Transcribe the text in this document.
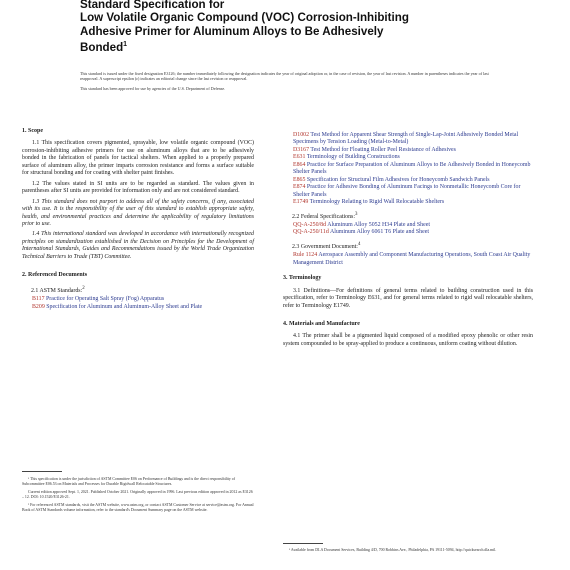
Standard Specification for
Low Volatile Organic Compound (VOC) Corrosion-Inhibiting
Adhesive Primer for Aluminum Alloys to Be Adhesively
Bonded$^1$

This standard is issued under the fixed designation E3126; the number immediately following the designation indicates the year of original adoption or, in the case of revision, the year of last revision. A number in parentheses indicates the year of last reapproval. A superscript epsilon (ε) indicates an editorial change since the last revision or reapproval.

This standard has been approved for use by agencies of the U.S. Department of Defense.

1. Scope

1.1 This specification covers pigmented, sprayable, low volatile organic compound (VOC) corrosion-inhibiting adhesive primers for use on aluminum alloys that are to be adhesively bonded in the fabrication of panels for tactical shelters. When applied to a properly prepared surface of aluminum alloy, the primer imparts corrosion resistance and forms a surface suitable for structural bonding and for coating with shelter paint finishes.

1.2 The values stated in SI units are to be regarded as standard. The values given in parentheses after SI units are provided for information only and are not considered standard.

1.3 This standard does not purport to address all of the safety concerns, if any, associated with its use. It is the responsibility of the user of this standard to establish appropriate safety, health, and environmental practices and determine the applicability of regulatory limitations prior to use.

1.4 This international standard was developed in accordance with internationally recognized principles on standardization established in the Decision on Principles for the Development of International Standards, Guides and Recommendations issued by the World Trade Organization Technical Barriers to Trade (TBT) Committee.

2. Referenced Documents
2.1 ASTM Standards:$^2$
B117 Practice for Operating Salt Spray (Fog) Apparatus
B209 Specification for Aluminum and Aluminum-Alloy Sheet and Plate

¹ This specification is under the jurisdiction of ASTM Committee E06 on Performance of Buildings and is the direct responsibility of Subcommittee E06.53 on Materials and Processes for Durable Rigidwall Relocatable Structures.

Current edition approved Sept. 1, 2021. Published October 2021. Originally approved in 1996. Last previous edition approved in 2012 as E3126 – 12. DOI: 10.1520/E3126-21.

² For referenced ASTM standards, visit the ASTM website, www.astm.org, or contact ASTM Customer Service at service@astm.org. For Annual Book of ASTM Standards volume information, refer to the standard's Document Summary page on the ASTM website.

D1002 Test Method for Apparent Shear Strength of Single-Lap-Joint Adhesively Bonded Metal Specimens by Tension Loading (Metal-to-Metal)
D3167 Test Method for Floating Roller Peel Resistance of Adhesives
E631 Terminology of Building Constructions
E864 Practice for Surface Preparation of Aluminum Alloys to Be Adhesively Bonded in Honeycomb Shelter Panels
E865 Specification for Structural Film Adhesives for Honeycomb Sandwich Panels
E874 Practice for Adhesive Bonding of Aluminum Facings to Nonmetallic Honeycomb Core for Shelter Panels
E1749 Terminology Relating to Rigid Wall Relocatable Shelters
2.2 Federal Specifications:$^3$
QQ-A-250/8d Aluminum Alloy 5052 H34 Plate and Sheet
QQ-A-250/11d Aluminum Alloy 6061 T6 Plate and Sheet
2.3 Government Document:$^4$
Rule 1124 Aerospace Assembly and Component Manufacturing Operations, South Coast Air Quality Management District
3. Terminology

3.1 Definitions—For definitions of general terms related to building construction used in this specification, refer to Terminology E631, and for general terms related to rigid wall relocatable shelters, refer to Terminology E1749.

4. Materials and Manufacture

4.1 The primer shall be a pigmented liquid composed of a modified epoxy phenolic or other resin system compounded to be spray-applied to produce a continuous, uniform coating without dilution.

³ Available from DLA Document Services, Building 4/D, 700 Robbins Ave., Philadelphia, PA 19111-5094, http://quicksearch.dla.mil.
